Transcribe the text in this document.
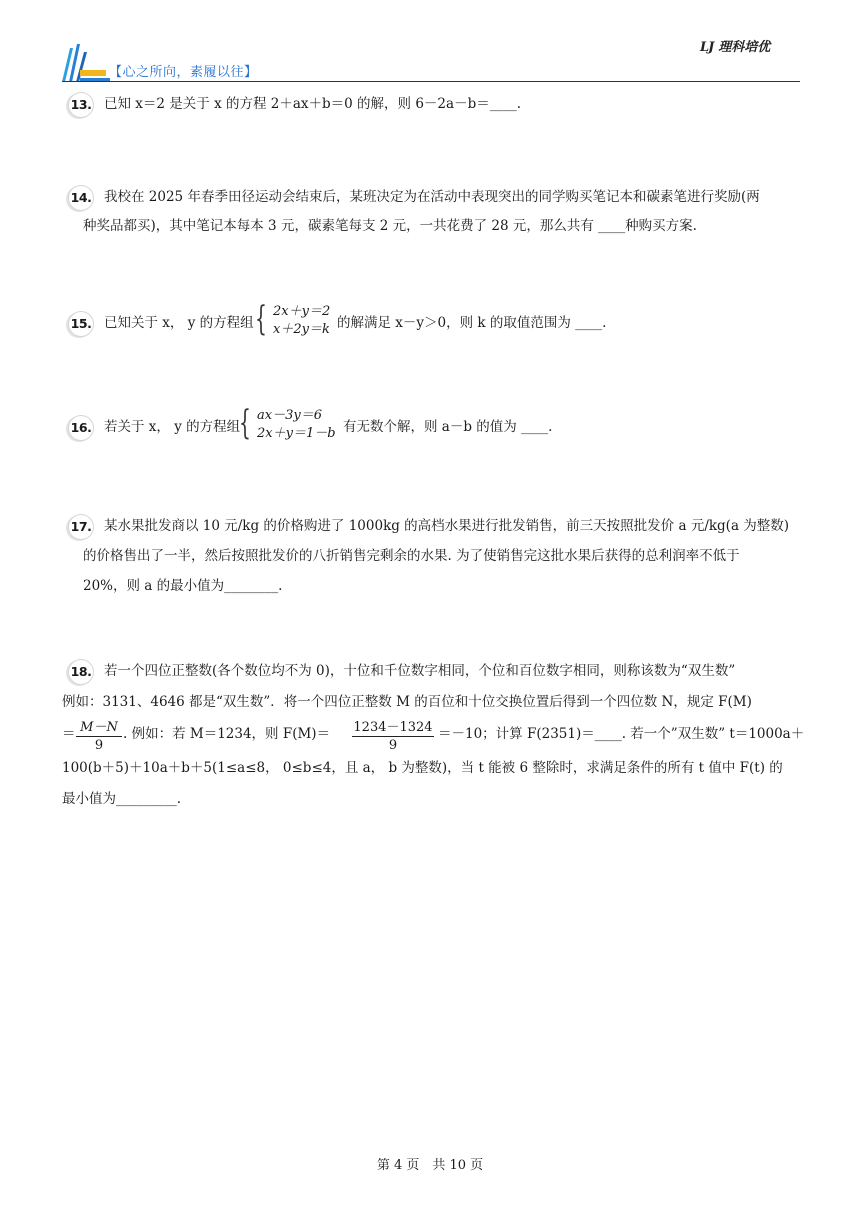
【心之所向，素履以往】
LJ 理科培优
13. 已知 x＝2 是关于 x 的方程 2＋ax＋b＝0 的解，则 6－2a－b＝____.
14. 我校在 2025 年春季田径运动会结束后，某班决定为在活动中表现突出的同学购买笔记本和碳素笔进行奖励(两
种奖品都买)，其中笔记本每本 3 元，碳素笔每支 2 元，一共花费了 28 元，那么共有 ____种购买方案.
15. 已知关于 x， y 的方程组 { 2x＋y＝2
x＋2y＝k 的解满足 x－y＞0，则 k 的取值范围为 ____.
16. 若关于 x， y 的方程组
{ ax－3y＝6
2x＋y＝1－b 有无数个解，则 a－b 的值为 ____.
17. 某水果批发商以 10 元/kg 的价格购进了 1000kg 的高档水果进行批发销售，前三天按照批发价 a 元/kg(a 为整数)
的价格售出了一半，然后按照批发价的八折销售完剩余的水果. 为了使销售完这批水果后获得的总利润率不低于
20%，则 a 的最小值为________.
18. 若一个四位正整数(各个数位均不为 0)，十位和千位数字相同，个位和百位数字相同，则称该数为“双生数”
例如：3131、4646 都是“双生数”．将一个四位正整数 M 的百位和十位交换位置后得到一个四位数 N，规定 F(M)
＝ M－N
9
. 例如：若 M＝1234，则 F(M)＝ 1234－1324
9
＝－10；计算 F(2351)＝____. 若一个”双生数” t＝1000a＋
100(b＋5)＋10a＋b＋5(1≤a≤8， 0≤b≤4，且 a， b 为整数)，当 t 能被 6 整除时，求满足条件的所有 t 值中 F(t) 的
最小值为_________.
第 4 页　共 10 页
